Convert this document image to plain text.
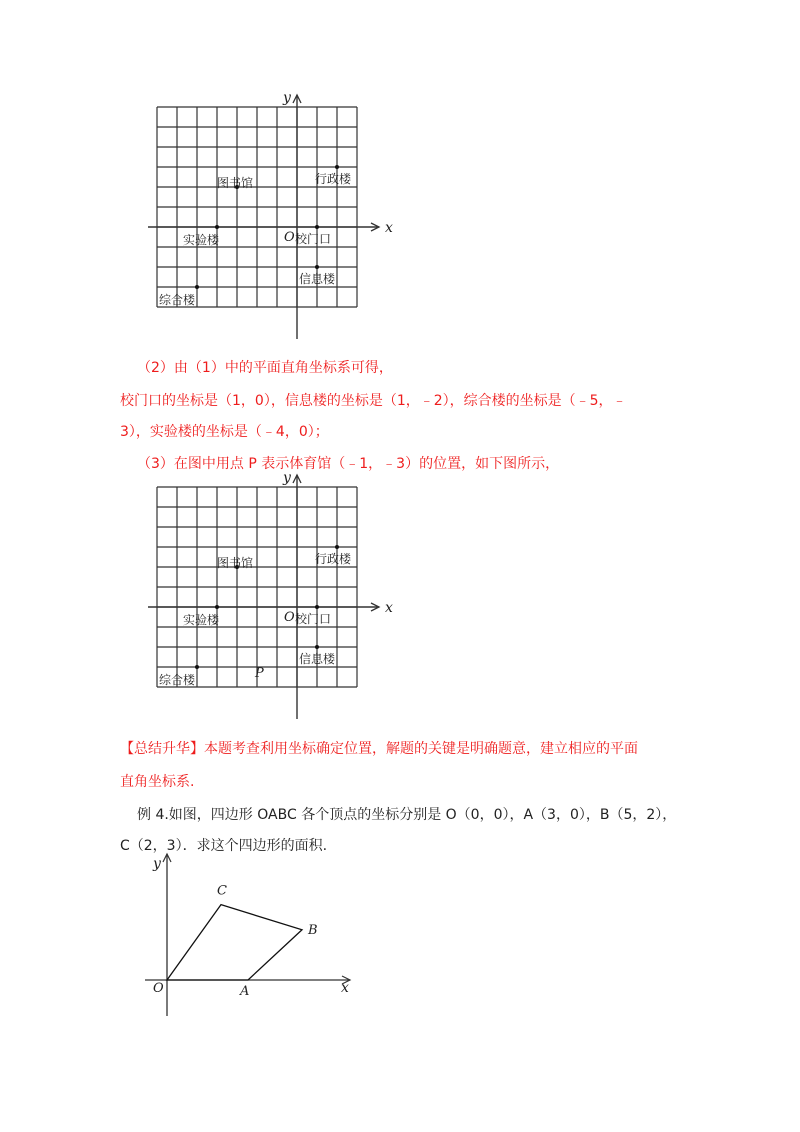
x
y
O
行政楼
图书馆
校门口
实验楼
信息楼
综合楼
（2）由（1）中的平面直角坐标系可得，
校门口的坐标是（1，0），信息楼的坐标是（1，﹣2），综合楼的坐标是（﹣5，﹣
3），实验楼的坐标是（﹣4，0）；
（3）在图中用点 P 表示体育馆（﹣1，﹣3）的位置，如下图所示，
x
y
O
行政楼
图书馆
校门口
实验楼
信息楼
综合楼	P
【总结升华】本题考查利用坐标确定位置，解题的关键是明确题意，建立相应的平面
直角坐标系.
例 4.如图，四边形 OABC 各个顶点的坐标分别是 O（0，0），A（3，0），B（5，2），
C（2，3）．求这个四边形的面积.
x
y
O	A
B
C
